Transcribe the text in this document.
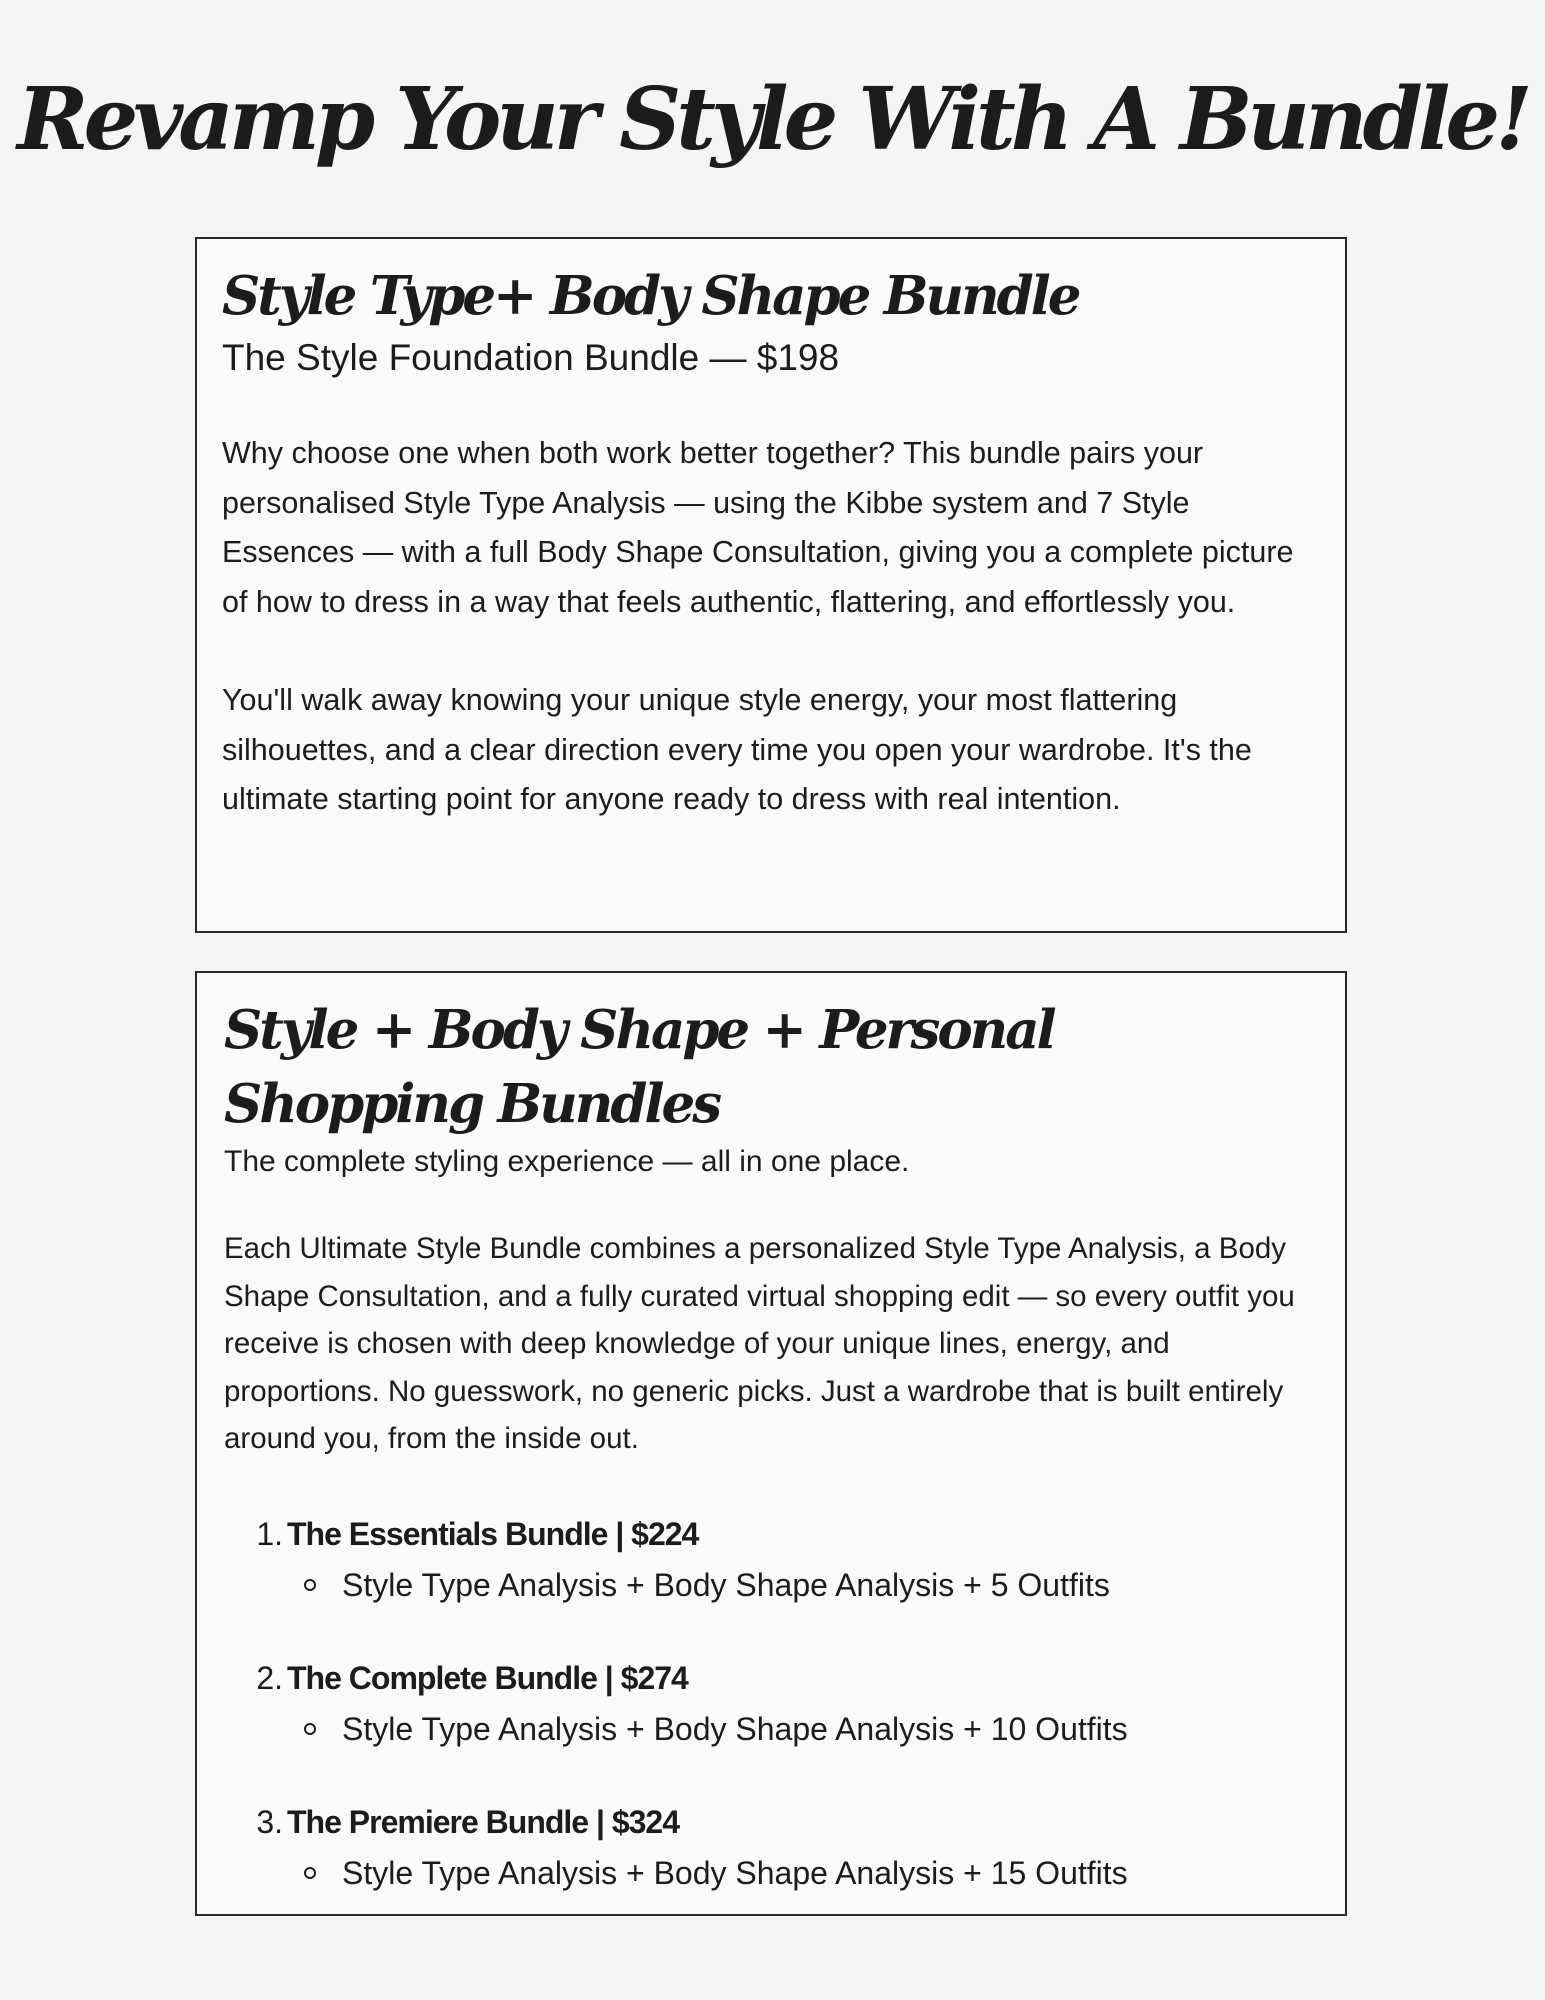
Revamp Your Style With A Bundle!
Style Type+ Body Shape Bundle

The Style Foundation Bundle — $198

Why choose one when both work better together? This bundle pairs your personalised Style Type Analysis — using the Kibbe system and 7 Style Essences — with a full Body Shape Consultation, giving you a complete picture of how to dress in a way that feels authentic, flattering, and effortlessly you.

You'll walk away knowing your unique style energy, your most flattering silhouettes, and a clear direction every time you open your wardrobe. It's the ultimate starting point for anyone ready to dress with real intention.

Style + Body Shape + Personal Shopping Bundles

The complete styling experience — all in one place.

Each Ultimate Style Bundle combines a personalized Style Type Analysis, a Body Shape Consultation, and a fully curated virtual shopping edit — so every outfit you receive is chosen with deep knowledge of your unique lines, energy, and proportions. No guesswork, no generic picks. Just a wardrobe that is built entirely around you, from the inside out.

1. The Essentials Bundle | $224
Style Type Analysis + Body Shape Analysis + 5 Outfits
2. The Complete Bundle | $274
Style Type Analysis + Body Shape Analysis + 10 Outfits
3. The Premiere Bundle | $324
Style Type Analysis + Body Shape Analysis + 15 Outfits
